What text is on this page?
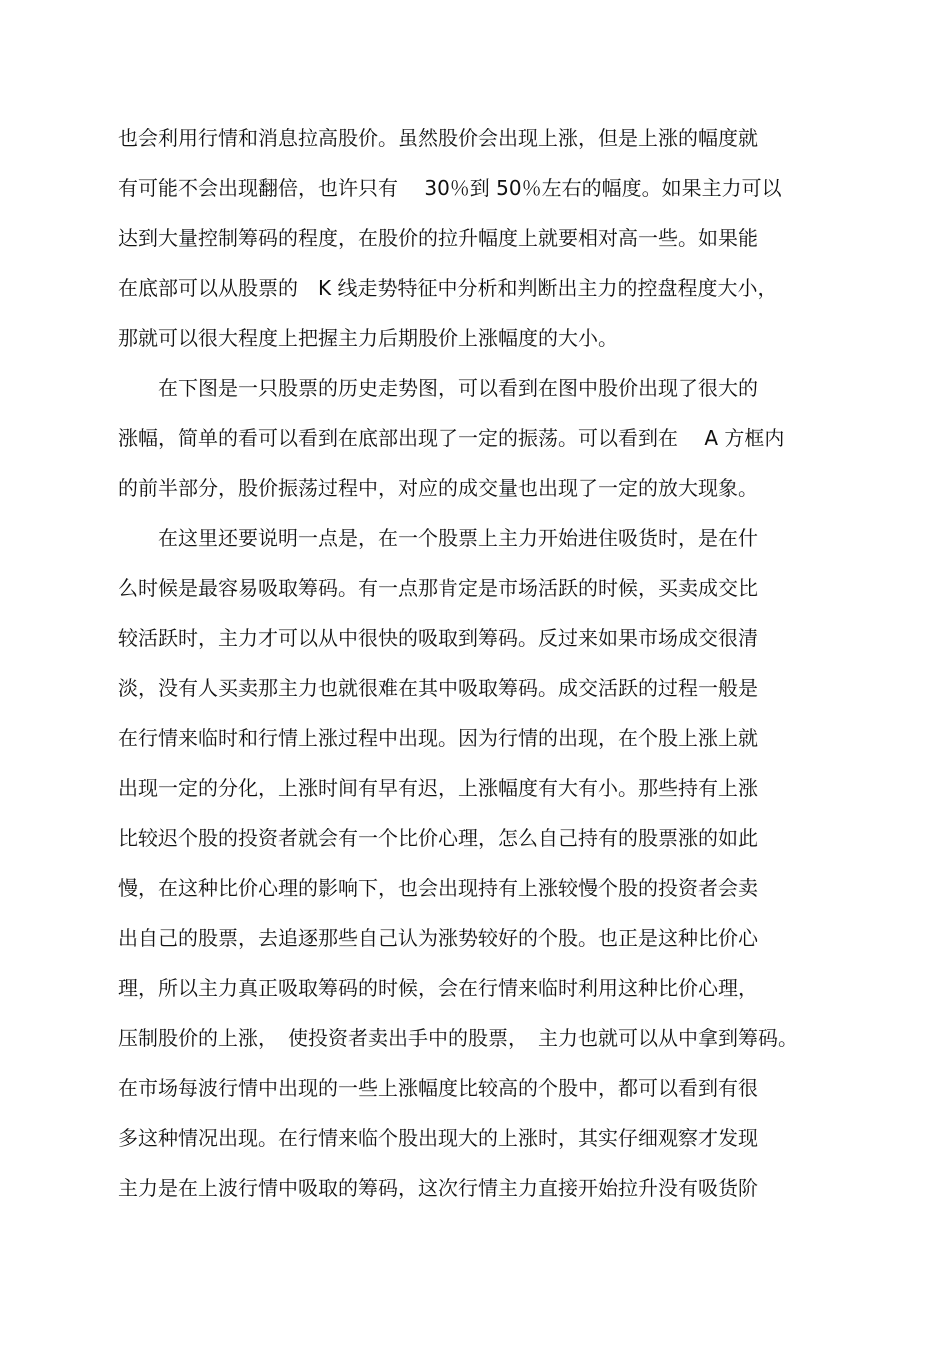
也会利用行情和消息拉高股价。虽然股价会出现上涨，但是上涨的幅度就
有可能不会出现翻倍，也许只有　 30％到 50％左右的幅度。如果主力可以
达到大量控制筹码的程度，在股价的拉升幅度上就要相对高一些。如果能
在底部可以从股票的　K 线走势特征中分析和判断出主力的控盘程度大小，
那就可以很大程度上把握主力后期股价上涨幅度的大小。
　　在下图是一只股票的历史走势图，可以看到在图中股价出现了很大的
涨幅，简单的看可以看到在底部出现了一定的振荡。可以看到在　 A 方框内
的前半部分，股价振荡过程中，对应的成交量也出现了一定的放大现象。
　　在这里还要说明一点是，在一个股票上主力开始进住吸货时，是在什
么时候是最容易吸取筹码。有一点那肯定是市场活跃的时候，买卖成交比
较活跃时，主力才可以从中很快的吸取到筹码。反过来如果市场成交很清
淡，没有人买卖那主力也就很难在其中吸取筹码。成交活跃的过程一般是
在行情来临时和行情上涨过程中出现。因为行情的出现，在个股上涨上就
出现一定的分化，上涨时间有早有迟，上涨幅度有大有小。那些持有上涨
比较迟个股的投资者就会有一个比价心理，怎么自己持有的股票涨的如此
慢，在这种比价心理的影响下，也会出现持有上涨较慢个股的投资者会卖
出自己的股票，去追逐那些自己认为涨势较好的个股。也正是这种比价心
理，所以主力真正吸取筹码的时候，会在行情来临时利用这种比价心理，
压制股价的上涨，　使投资者卖出手中的股票，　主力也就可以从中拿到筹码。
在市场每波行情中出现的一些上涨幅度比较高的个股中，都可以看到有很
多这种情况出现。在行情来临个股出现大的上涨时，其实仔细观察才发现
主力是在上波行情中吸取的筹码，这次行情主力直接开始拉升没有吸货阶
